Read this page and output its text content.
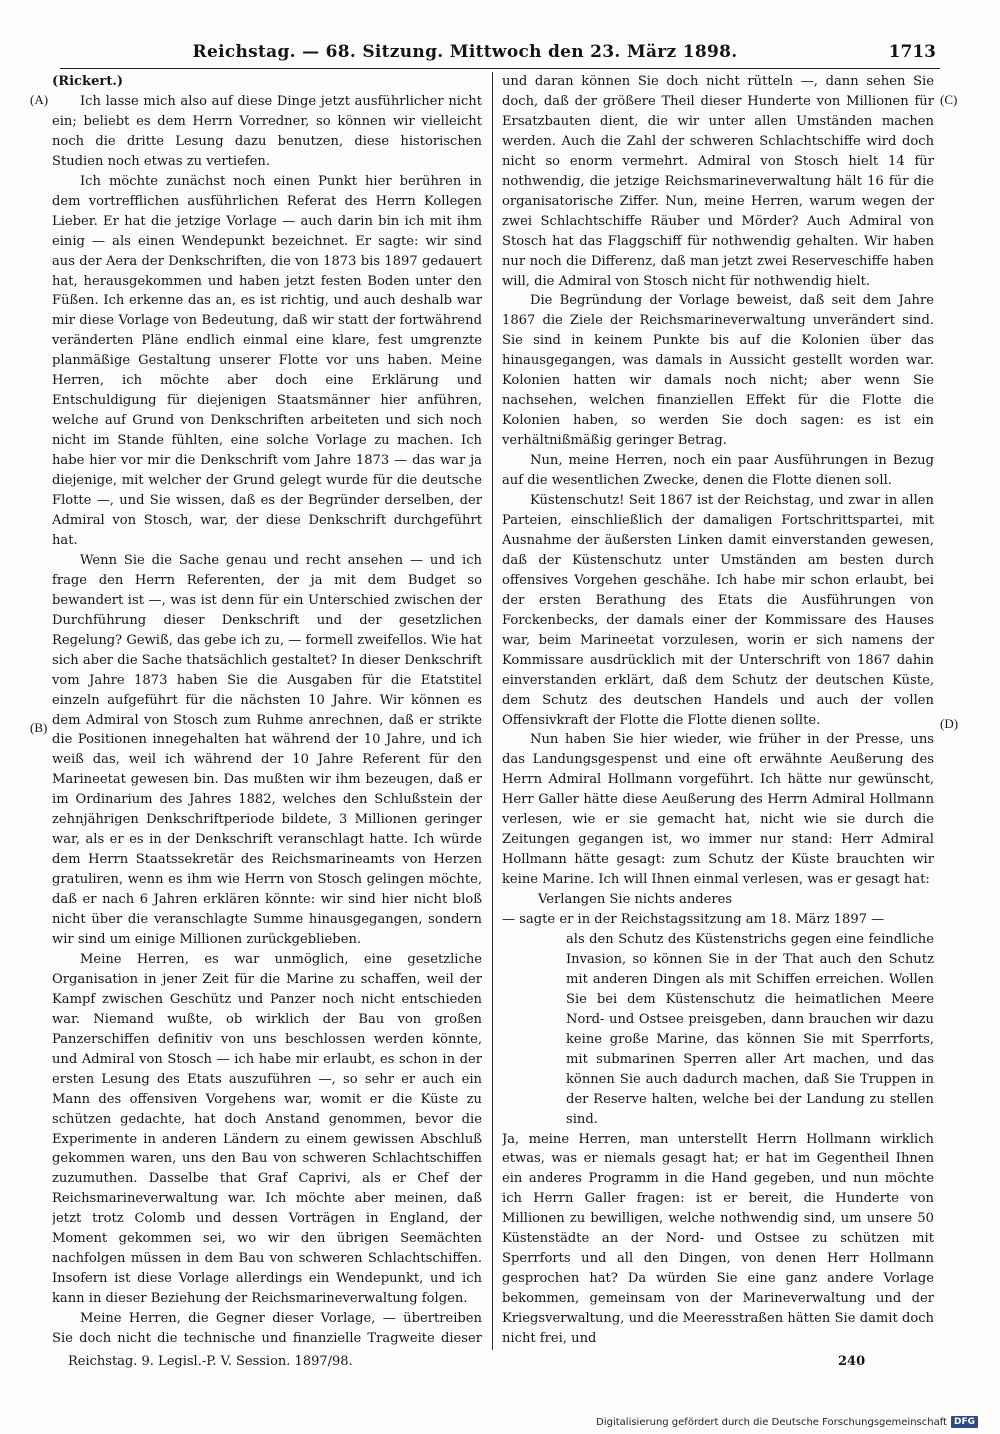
Reichstag. — 68. Sitzung. Mittwoch den 23. März 1898.	1713
(A)
(B)
(C)
(D)

(Rickert.)

Ich lasse mich also auf diese Dinge jetzt ausführlicher nicht ein; beliebt es dem Herrn Vorredner, so können wir vielleicht noch die dritte Lesung dazu benutzen, diese historischen Studien noch etwas zu vertiefen.

Ich möchte zunächst noch einen Punkt hier berühren in dem vortrefflichen ausführlichen Referat des Herrn Kollegen Lieber. Er hat die jetzige Vorlage — auch darin bin ich mit ihm einig — als einen Wendepunkt bezeichnet. Er sagte: wir sind aus der Aera der Denkschriften, die von 1873 bis 1897 gedauert hat, herausgekommen und haben jetzt festen Boden unter den Füßen. Ich erkenne das an, es ist richtig, und auch deshalb war mir diese Vorlage von Bedeutung, daß wir statt der fortwährend veränderten Pläne endlich einmal eine klare, fest umgrenzte planmäßige Gestaltung unserer Flotte vor uns haben. Meine Herren, ich möchte aber doch eine Erklärung und Entschuldigung für diejenigen Staatsmänner hier anführen, welche auf Grund von Denkschriften arbeiteten und sich noch nicht im Stande fühlten, eine solche Vorlage zu machen. Ich habe hier vor mir die Denkschrift vom Jahre 1873 — das war ja diejenige, mit welcher der Grund gelegt wurde für die deutsche Flotte —, und Sie wissen, daß es der Begründer derselben, der Admiral von Stosch, war, der diese Denkschrift durchgeführt hat.

Wenn Sie die Sache genau und recht ansehen — und ich frage den Herrn Referenten, der ja mit dem Budget so bewandert ist —, was ist denn für ein Unterschied zwischen der Durchführung dieser Denkschrift und der gesetzlichen Regelung? Gewiß, das gebe ich zu, — formell zweifellos. Wie hat sich aber die Sache thatsächlich gestaltet? In dieser Denkschrift vom Jahre 1873 haben Sie die Ausgaben für die Etatstitel einzeln aufgeführt für die nächsten 10 Jahre. Wir können es dem Admiral von Stosch zum Ruhme anrechnen, daß er strikte die Positionen innegehalten hat während der 10 Jahre, und ich weiß das, weil ich während der 10 Jahre Referent für den Marineetat gewesen bin. Das mußten wir ihm bezeugen, daß er im Ordinarium des Jahres 1882, welches den Schlußstein der zehnjährigen Denkschriftperiode bildete, 3 Millionen geringer war, als er es in der Denkschrift veranschlagt hatte. Ich würde dem Herrn Staatssekretär des Reichsmarineamts von Herzen gratuliren, wenn es ihm wie Herrn von Stosch gelingen möchte, daß er nach 6 Jahren erklären könnte: wir sind hier nicht bloß nicht über die veranschlagte Summe hinausgegangen, sondern wir sind um einige Millionen zurückgeblieben.

Meine Herren, es war unmöglich, eine gesetzliche Organisation in jener Zeit für die Marine zu schaffen, weil der Kampf zwischen Geschütz und Panzer noch nicht entschieden war. Niemand wußte, ob wirklich der Bau von großen Panzerschiffen definitiv von uns beschlossen werden könnte, und Admiral von Stosch — ich habe mir erlaubt, es schon in der ersten Lesung des Etats auszuführen —, so sehr er auch ein Mann des offensiven Vorgehens war, womit er die Küste zu schützen gedachte, hat doch Anstand genommen, bevor die Experimente in anderen Ländern zu einem gewissen Abschluß gekommen waren, uns den Bau von schweren Schlachtschiffen zuzumuthen. Dasselbe that Graf Caprivi, als er Chef der Reichsmarineverwaltung war. Ich möchte aber meinen, daß jetzt trotz Colomb und dessen Vorträgen in England, der Moment gekommen sei, wo wir den übrigen Seemächten nachfolgen müssen in dem Bau von schweren Schlachtschiffen. Insofern ist diese Vorlage allerdings ein Wendepunkt, und ich kann in dieser Beziehung der Reichsmarineverwaltung folgen.

Meine Herren, die Gegner dieser Vorlage, — übertreiben Sie doch nicht die technische und finanzielle Tragweite dieser

und daran können Sie doch nicht rütteln —, dann sehen Sie doch, daß der größere Theil dieser Hunderte von Millionen für Ersatzbauten dient, die wir unter allen Umständen machen werden. Auch die Zahl der schweren Schlachtschiffe wird doch nicht so enorm vermehrt. Admiral von Stosch hielt 14 für nothwendig, die jetzige Reichsmarineverwaltung hält 16 für die organisatorische Ziffer. Nun, meine Herren, warum wegen der zwei Schlachtschiffe Räuber und Mörder? Auch Admiral von Stosch hat das Flaggschiff für nothwendig gehalten. Wir haben nur noch die Differenz, daß man jetzt zwei Reserveschiffe haben will, die Admiral von Stosch nicht für nothwendig hielt.

Die Begründung der Vorlage beweist, daß seit dem Jahre 1867 die Ziele der Reichsmarineverwaltung unverändert sind. Sie sind in keinem Punkte bis auf die Kolonien über das hinausgegangen, was damals in Aussicht gestellt worden war. Kolonien hatten wir damals noch nicht; aber wenn Sie nachsehen, welchen finanziellen Effekt für die Flotte die Kolonien haben, so werden Sie doch sagen: es ist ein verhältnißmäßig geringer Betrag.

Nun, meine Herren, noch ein paar Ausführungen in Bezug auf die wesentlichen Zwecke, denen die Flotte dienen soll.

Küstenschutz! Seit 1867 ist der Reichstag, und zwar in allen Parteien, einschließlich der damaligen Fortschrittspartei, mit Ausnahme der äußersten Linken damit einverstanden gewesen, daß der Küstenschutz unter Umständen am besten durch offensives Vorgehen geschähe. Ich habe mir schon erlaubt, bei der ersten Berathung des Etats die Ausführungen von Forckenbecks, der damals einer der Kommissare des Hauses war, beim Marineetat vorzulesen, worin er sich namens der Kommissare ausdrücklich mit der Unterschrift von 1867 dahin einverstanden erklärt, daß dem Schutz der deutschen Küste, dem Schutz des deutschen Handels und auch der vollen Offensivkraft der Flotte die Flotte dienen sollte.

Nun haben Sie hier wieder, wie früher in der Presse, uns das Landungsgespenst und eine oft erwähnte Aeußerung des Herrn Admiral Hollmann vorgeführt. Ich hätte nur gewünscht, Herr Galler hätte diese Aeußerung des Herrn Admiral Hollmann verlesen, wie er sie gemacht hat, nicht wie sie durch die Zeitungen gegangen ist, wo immer nur stand: Herr Admiral Hollmann hätte gesagt: zum Schutz der Küste brauchten wir keine Marine. Ich will Ihnen einmal verlesen, was er gesagt hat:

Verlangen Sie nichts anderes

— sagte er in der Reichstagssitzung am 18. März 1897 —

als den Schutz des Küstenstrichs gegen eine feindliche Invasion, so können Sie in der That auch den Schutz mit anderen Dingen als mit Schiffen erreichen. Wollen Sie bei dem Küstenschutz die heimatlichen Meere Nord- und Ostsee preisgeben, dann brauchen wir dazu keine große Marine, das können Sie mit Sperrforts, mit submarinen Sperren aller Art machen, und das können Sie auch dadurch machen, daß Sie Truppen in der Reserve halten, welche bei der Landung zu stellen sind.

Ja, meine Herren, man unterstellt Herrn Hollmann wirklich etwas, was er niemals gesagt hat; er hat im Gegentheil Ihnen ein anderes Programm in die Hand gegeben, und nun möchte ich Herrn Galler fragen: ist er bereit, die Hunderte von Millionen zu bewilligen, welche nothwendig sind, um unsere 50 Küstenstädte an der Nord- und Ostsee zu schützen mit Sperrforts und all den Dingen, von denen Herr Hollmann gesprochen hat? Da würden Sie eine ganz andere Vorlage bekommen, gemeinsam von der Marineverwaltung und der Kriegsverwaltung, und die Meeresstraßen hätten Sie damit doch nicht frei, und

Reichstag. 9. Legisl.-P. V. Session. 1897/98.	240
Digitalisierung gefördert durch die Deutsche Forschungsgemeinschaft DFG
